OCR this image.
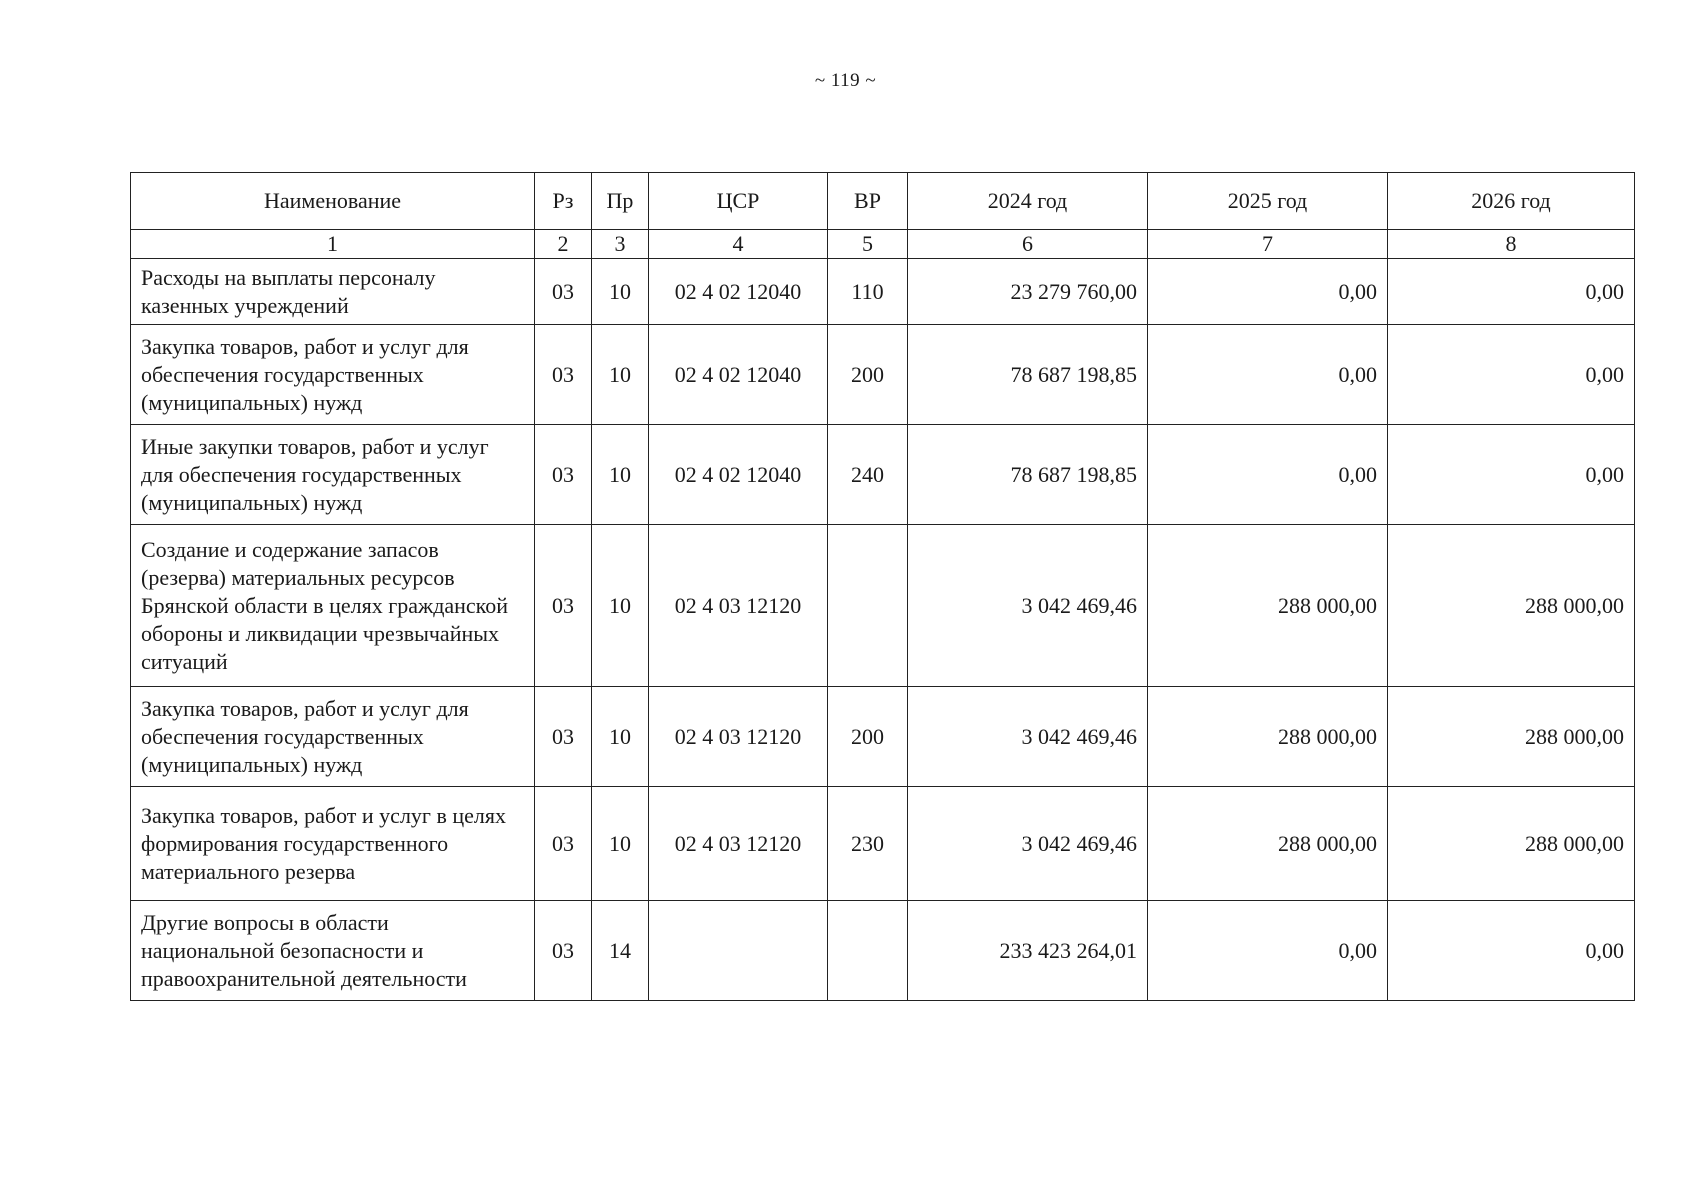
~ 119 ~
Наименование	Рз	Пр	ЦСР	ВР	2024 год	2025 год	2026 год
1	2	3	4	5	6	7	8
Расходы на выплаты персоналу казенных учреждений	03	10	02 4 02 12040	110	23 279 760,00	0,00	0,00
Закупка товаров, работ и услуг для обеспечения государственных (муниципальных) нужд	03	10	02 4 02 12040	200	78 687 198,85	0,00	0,00
Иные закупки товаров, работ и услуг для обеспечения государственных (муниципальных) нужд	03	10	02 4 02 12040	240	78 687 198,85	0,00	0,00
Создание и содержание запасов (резерва) материальных ресурсов Брянской области в целях гражданской обороны и ликвидации чрезвычайных ситуаций	03	10	02 4 03 12120		3 042 469,46	288 000,00	288 000,00
Закупка товаров, работ и услуг для обеспечения государственных (муниципальных) нужд	03	10	02 4 03 12120	200	3 042 469,46	288 000,00	288 000,00
Закупка товаров, работ и услуг в целях формирования государственного материального резерва	03	10	02 4 03 12120	230	3 042 469,46	288 000,00	288 000,00
Другие вопросы в области национальной безопасности и правоохранительной деятельности	03	14			233 423 264,01	0,00	0,00
